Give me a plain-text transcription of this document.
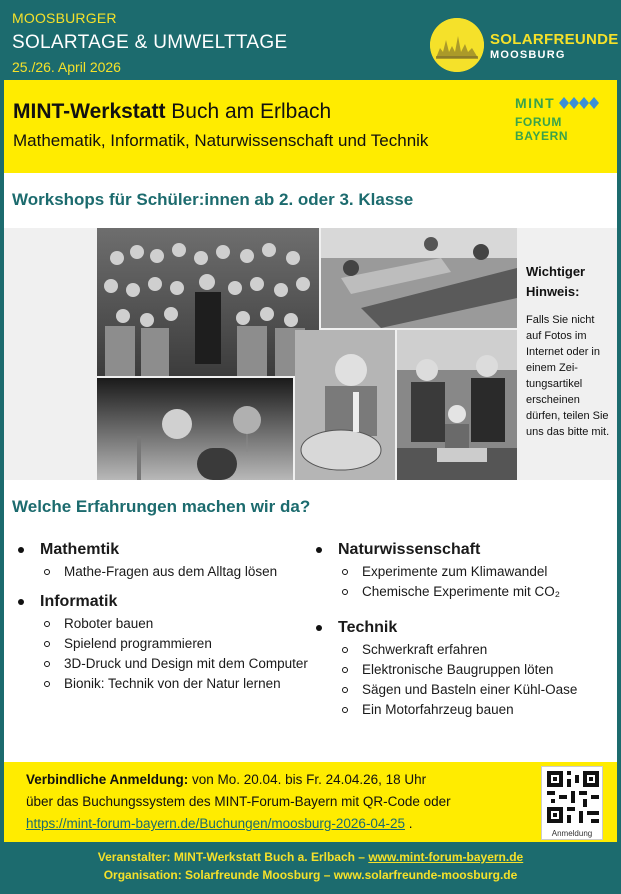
MOOSBURGER
SOLARTAGE & UMWELTTAGE
25./26. April 2026
SOLARFREUNDE
MOOSBURG
MINT-Werkstatt Buch am Erlbach
Mathematik, Informatik, Naturwissenschaft und Technik
MINT
FORUM BAYERN
Workshops für Schüler:innen ab 2. oder 3. Klasse
Wichtiger Hinweis:
Falls Sie nicht auf Fotos im Internet oder in einem Zei-tungsartikel erscheinen dürfen, teilen Sie uns das bitte mit.
Welche Erfahrungen machen wir da?
Mathemtik
Mathe-Fragen aus dem Alltag lösen
Informatik
Roboter bauen
Spielend programmieren
3D-Druck und Design mit dem Computer
Bionik: Technik von der Natur lernen
Naturwissenschaft
Experimente zum Klimawandel
Chemische Experimente mit CO₂
Technik
Schwerkraft erfahren
Elektronische Baugruppen löten
Sägen und Basteln einer Kühl-Oase
Ein Motorfahrzeug bauen
Verbindliche Anmeldung: von Mo. 20.04. bis Fr. 24.04.26, 18 Uhr
über das Buchungssystem des MINT-Forum-Bayern mit QR-Code oder
https://mint-forum-bayern.de/Buchungen/moosburg-2026-04-25 .
Anmeldung
Veranstalter: MINT-Werkstatt Buch a. Erlbach – www.mint-forum-bayern.de
Organisation: Solarfreunde Moosburg – www.solarfreunde-moosburg.de
